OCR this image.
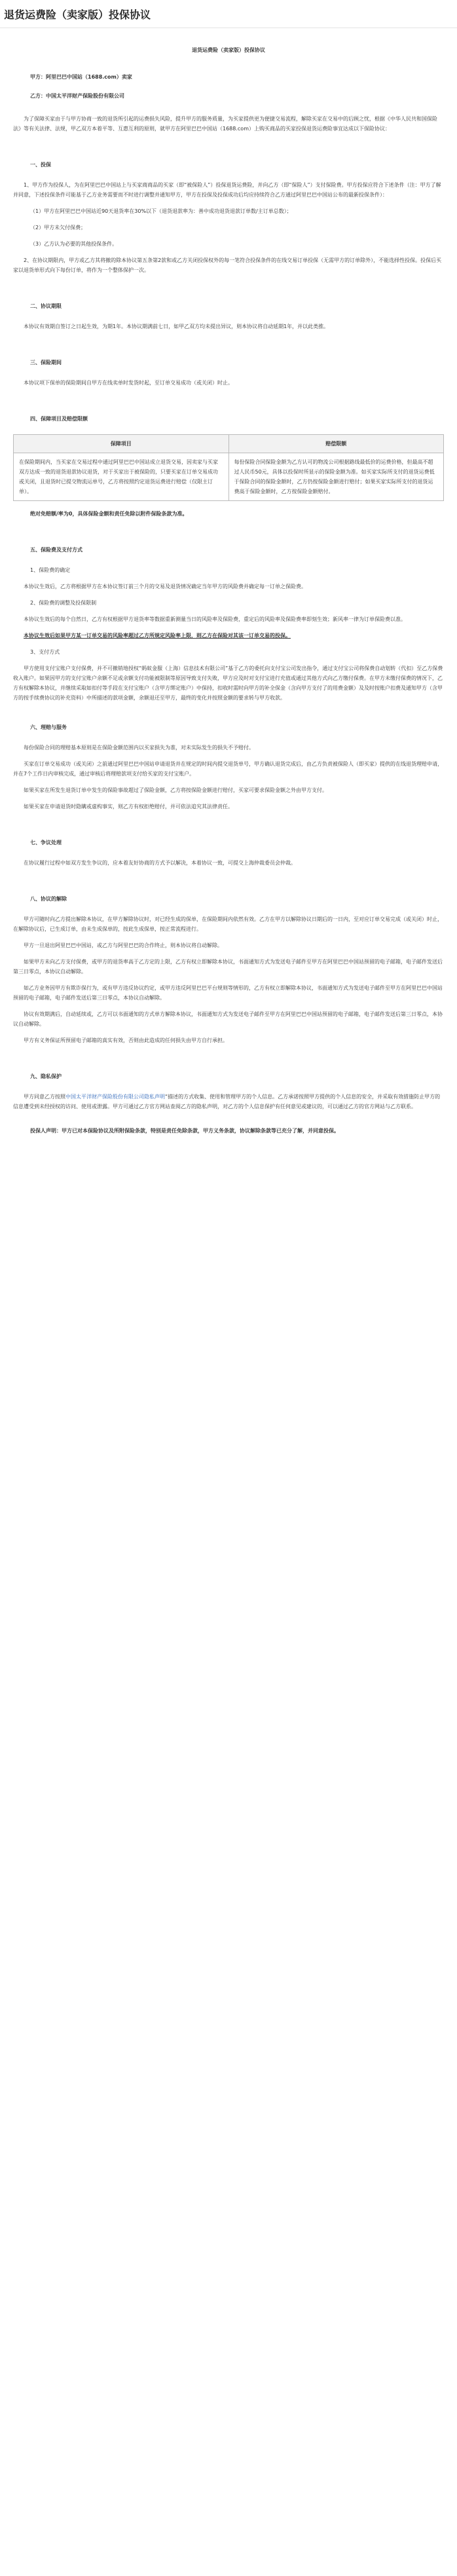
退货运费险（卖家版）投保协议
退货运费险（卖家版）投保协议
甲方：阿里巴巴中国站（1688.com）卖家
乙方：中国太平洋财产保险股份有限公司

为了保障买家由于与甲方协商一致的退货所引起的运费损失风险，提升甲方的服务质量，为买家提供更为便捷交易流程，解除买家在交易中的后顾之忧，根据《中华人民共和国保险法》等有关法律、法规，甲乙双方本着平等、互惠互利的原则，就甲方在阿里巴巴中国站（1688.com）上购买商品的买家投保退货运费险事宜达成以下保险协议：

一、投保

1、甲方作为投保人，为在阿里巴巴中国站上与买家商商品的买家（即“被保险人”）投保退货运费险，并向乙方（即“保险人”）支付保险费。甲方投保应符合下述条件（注：甲方了解并同意，下述投保条件可能基于乙方业务需要而不时进行调整并通知甲方，甲方在投保及投保成功后均应持续符合乙方通过阿里巴巴中国站公布的最新投保条件）：

（1）甲方在阿里巴巴中国站近90天退货率在30%以下（退货退款率为：善中成功退货退款订单数/主订单总数）；

（2）甲方未欠付保费；

（3）乙方认为必要的其他投保条件。

2、在协议期限内，甲方或乙方其将撤的除本协议第五条第2款和或乙方关闭投保权外的每一笔符合投保条件的在线交易订单投保（无需甲方的订单除外），不能选择性投保。投保后买家以退货单形式向下每份订单，将作为一个整体保护一次。

二、协议期限

本协议有效期自签订之日起生效，为期1年。本协议期满前七日，如甲乙双方均未提出异议，则本协议将自动延期1年，并以此类推。

三、保险期间

本协议项下保单的保险期间自甲方在线卖单时发货时起，至订单交易成功（或关闭）时止。

四、保障项目及赔偿限额
保障项目	赔偿限额
在保险期间内，当买家在交易过程中通过阿里巴巴中国站成立退货交易，因卖家与买家双方达成一致的退货退款协议退货，对于买家出于被保险的，只要买家在订单交易成功或关闭，且退货时已提交物流运单号，乙方将按照约定退货运费进行赔偿（仅限主订单）。	每份保险合同保险金额为乙方认可的物流公司根据路线最低价的运费价格，但最高不超过人民币50元，具体以投保时所显示的保险金额为准。如买家实际所支付的退货运费低于保险合同的保险金额时，乙方仍按保险金额进行赔付；如果买家实际所支付的退货运费高于保险金额时，乙方按保险金额赔付。
绝对免赔额/率为0，具体保险金额和责任免除以附件保险条款为准。
五、保险费及支付方式

1、保险费的确定

本协议生效后，乙方将根据甲方在本协议签订前三个月的交易及退货情况确定当年甲方的风险费并确定每一订单之保险费。

2、保险费的调整及投保限制

本协议生效后的每个自然日，乙方有权根据甲方退货率等数据重新测量当日的风险率及保险费，重定后的风险率及保险费率即刻生效；新风率一律为订单保险费以准。

本协议生效后如果甲方某一订单交易的风险率超过乙方所规定风险率上限，则乙方在保险对其该一订单交易的投保。

3、支付方式

甲方使用支付宝账户支付保费，并不可撤销地授权“蚂蚁金服（上海）信息技术有限公司”基于乙方的委托向支付宝公司发出指令，通过支付宝公司将保费自动划转（代扣）至乙方保费收入账户。如果因甲方的支付宝账户余额不足或余额支付功能被限制等原因导致支付失败，甲方应及时对支付宝进行充值或通过其他方式向乙方缴付保费。在甲方未缴付保费的情况下，乙方有权解除本协议，并继续采取如扣付等手段在支付宝账户（含甲方绑定账户）中保持，扣收时需时向甲方的补全保金（含向甲方支付了的用费金额）及及时按账户扣费及通知甲方（含甲方的按手续费协议的补充资料）中所描述的款项金额，余额退还至甲方，最终的变化并按照金额的要求转与甲方收款。

六、理赔与服务

每份保险合同的理赔基本原则是在保险金额范围内以买家损失为准，对未实际发生的损失不予赔付。

买家在订单交易成功（或关闭）之前通过阿里巴巴中国站申请退货并在规定的时间内提交退货单号，甲方确认退货完成后，由乙方负责被保险人（即买家）提供的在线退货理赔申请，并在7个工作日内审核完成，通过审核后将理赔款项支付给买家的支付宝账户。

如果买家在所发生退货订单中发生的保险事故超过了保险金额，乙方将按保险金额进行赔付，买家可要求保险金额之外由甲方支付。

如果买家在申请退货时隐瞒或虚构事实，则乙方有权拒绝赔付，并可依法追究其法律责任。

七、争议处理

在协议履行过程中如双方发生争议的，应本着友好协商的方式予以解决，本着协议一致，可提交上海仲裁委员会仲裁。

八、协议的解除

甲方可随时向乙方提出解除本协议，在甲方解除协议时，对已经生成的保单，在保险期间内依然有效。乙方在甲方以解除协议日期后的一日内，至对应订单交易完成（或关闭）时止，在解除协议后，已生成订单，由未生成保单的，按此生成保单，按正常流程进行。

甲方一旦退出阿里巴巴中国站，或乙方与阿里巴巴的合作终止，则本协议将自动解除。

如果甲方未向乙方支付保费，或甲方的退货率高于乙方定的上限，乙方有权立即解除本协议，书面通知方式为发送电子邮件至甲方在阿里巴巴中国站预留的电子邮箱，电子邮件发送后第三日零点，本协议自动解除。

如乙方业务因甲方有欺诈保行为，或有甲方违反协议约定，或甲方违反阿里巴巴平台规则等情形的，乙方有权立即解除本协议，书面通知方式为发送电子邮件至甲方在阿里巴巴中国站预留的电子邮箱，电子邮件发送后第三日零点，本协议自动解除。

协议有效期满后，自动延续或，乙方可以书面通知的方式单方解除本协议，书面通知方式为发送电子邮件至甲方在阿里巴巴中国站预留的电子邮箱，电子邮件发送后第三日零点，本协议自动解除。

甲方有义务保证所预留电子邮箱的真实有效，否则由此造成的任何损失由甲方自行承担。

九、隐私保护

甲方同意乙方按照中国太平洋财产保险股份有限公司隐私声明“描述的方式收集、使用和管理甲方的个人信息。乙方承诺按照甲方提供的个人信息的安全，并采取有效措施防止甲方的信息遭受到未经授权的访问、使用或泄露。甲方可通过乙方官方网站查阅乙方的隐私声明，对乙方的个人信息保护有任何意见或建议的，可以通过乙方的官方网站与乙方联系。

投保人声明：甲方已对本保险协议及所附保险条款，特别是责任免除条款，甲方义务条款，协议解除条款等已充分了解，并同意投保。
